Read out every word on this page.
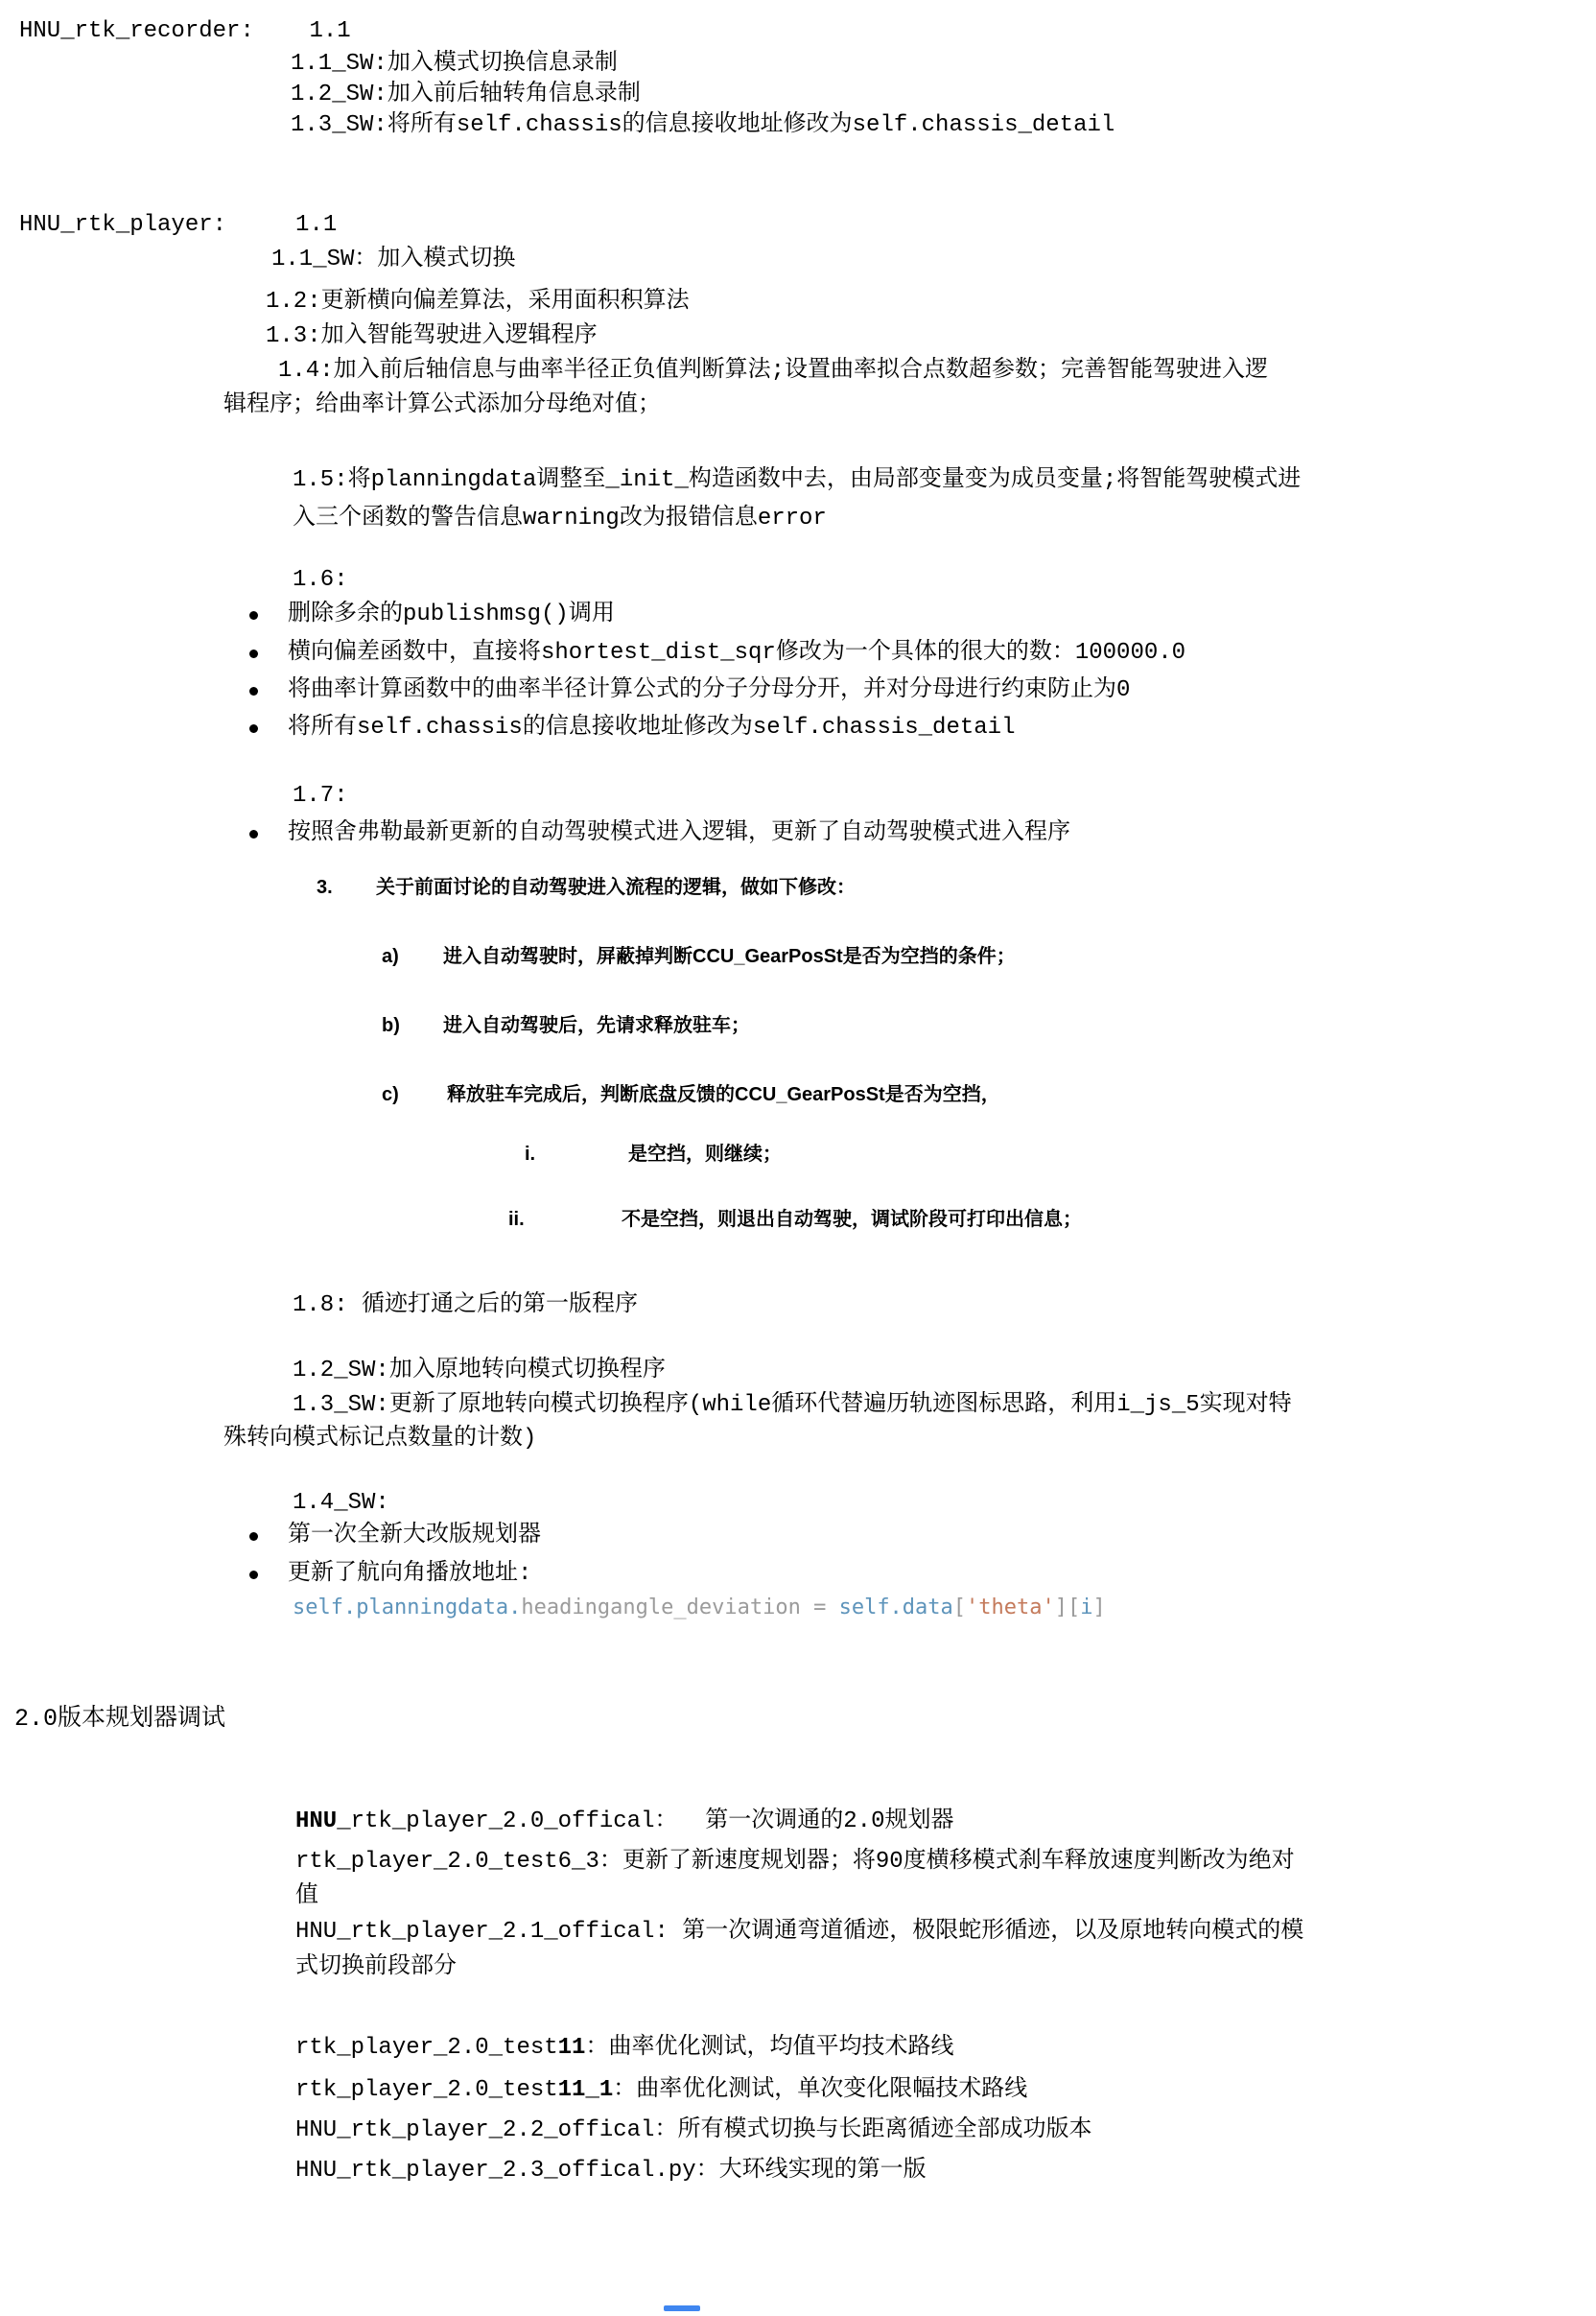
HNU_rtk_recorder:    1.1
1.1_SW:加入模式切换信息录制
1.2_SW:加入前后轴转角信息录制
1.3_SW:将所有self.chassis的信息接收地址修改为self.chassis_detail
HNU_rtk_player:     1.1
1.1_SW：加入模式切换
1.2:更新横向偏差算法，采用面积积算法
1.3:加入智能驾驶进入逻辑程序
1.4:加入前后轴信息与曲率半径正负值判断算法;设置曲率拟合点数超参数；完善智能驾驶进入逻
辑程序；给曲率计算公式添加分母绝对值；
1.5:将planningdata调整至_init_构造函数中去，由局部变量变为成员变量;将智能驾驶模式进
入三个函数的警告信息warning改为报错信息error
1.6:
删除多余的publishmsg()调用
横向偏差函数中，直接将shortest_dist_sqr修改为一个具体的很大的数：100000.0
将曲率计算函数中的曲率半径计算公式的分子分母分开，并对分母进行约束防止为0
将所有self.chassis的信息接收地址修改为self.chassis_detail
1.7:
按照舍弗勒最新更新的自动驾驶模式进入逻辑，更新了自动驾驶模式进入程序
3. 关于前面讨论的自动驾驶进入流程的逻辑，做如下修改：
a) 进入自动驾驶时，屏蔽掉判断CCU_GearPosSt是否为空挡的条件；
b) 进入自动驾驶后，先请求释放驻车；
c)	释放驻车完成后，判断底盘反馈的CCU_GearPosSt是否为空挡，
i.	是空挡，则继续；
ii.	不是空挡，则退出自动驾驶，调试阶段可打印出信息；
1.8: 循迹打通之后的第一版程序
1.2_SW:加入原地转向模式切换程序
1.3_SW:更新了原地转向模式切换程序(while循环代替遍历轨迹图标思路，利用i_js_5实现对特
殊转向模式标记点数量的计数)
1.4_SW:
第一次全新大改版规划器
更新了航向角播放地址:
self.planningdata.headingangle_deviation = self.data['theta'][i]
2.0版本规划器调试
HNU_rtk_player_2.0_offical：  第一次调通的2.0规划器
rtk_player_2.0_test6_3：更新了新速度规划器；将90度横移模式刹车释放速度判断改为绝对
值
HNU_rtk_player_2.1_offical: 第一次调通弯道循迹，极限蛇形循迹，以及原地转向模式的模
式切换前段部分
rtk_player_2.0_test11：曲率优化测试，均值平均技术路线
rtk_player_2.0_test11_1：曲率优化测试，单次变化限幅技术路线
HNU_rtk_player_2.2_offical：所有模式切换与长距离循迹全部成功版本
HNU_rtk_player_2.3_offical.py：大环线实现的第一版
